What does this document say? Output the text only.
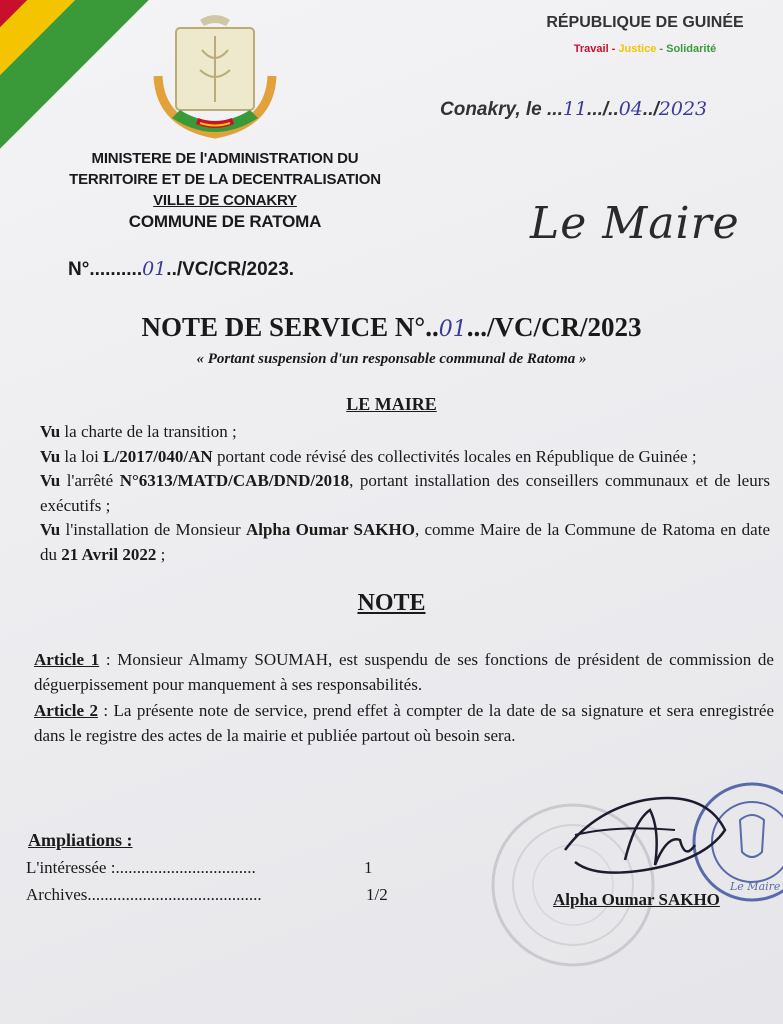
MINISTERE DE l'ADMINISTRATION DU
TERRITOIRE ET DE LA DECENTRALISATION
VILLE DE CONAKRY
COMMUNE DE RATOMA
N°..........01../VC/CR/2023.
RÉPUBLIQUE DE GUINÉE
Travail - Justice - Solidarité
Conakry, le ...11.../..04../2023
Le Maire
NOTE DE SERVICE N°..01.../VC/CR/2023
« Portant suspension d'un responsable communal de Ratoma »
LE MAIRE

Vu la charte de la transition ;

Vu la loi L/2017/040/AN portant code révisé des collectivités locales en République de Guinée ;

Vu l'arrêté N°6313/MATD/CAB/DND/2018, portant installation des conseillers communaux et de leurs exécutifs ;

Vu l'installation de Monsieur Alpha Oumar SAKHO, comme Maire de la Commune de Ratoma en date du 21 Avril 2022 ;

NOTE

Article 1 : Monsieur Almamy SOUMAH, est suspendu de ses fonctions de président de commission de déguerpissement pour manquement à ses responsabilités.

Article 2 : La présente note de service, prend effet à compter de la date de sa signature et sera enregistrée dans le registre des actes de la mairie et publiée partout où besoin sera.

Ampliations :
L'intéressée :.................................	1
Archives.........................................	1/2	Le Maire
Alpha Oumar SAKHO
